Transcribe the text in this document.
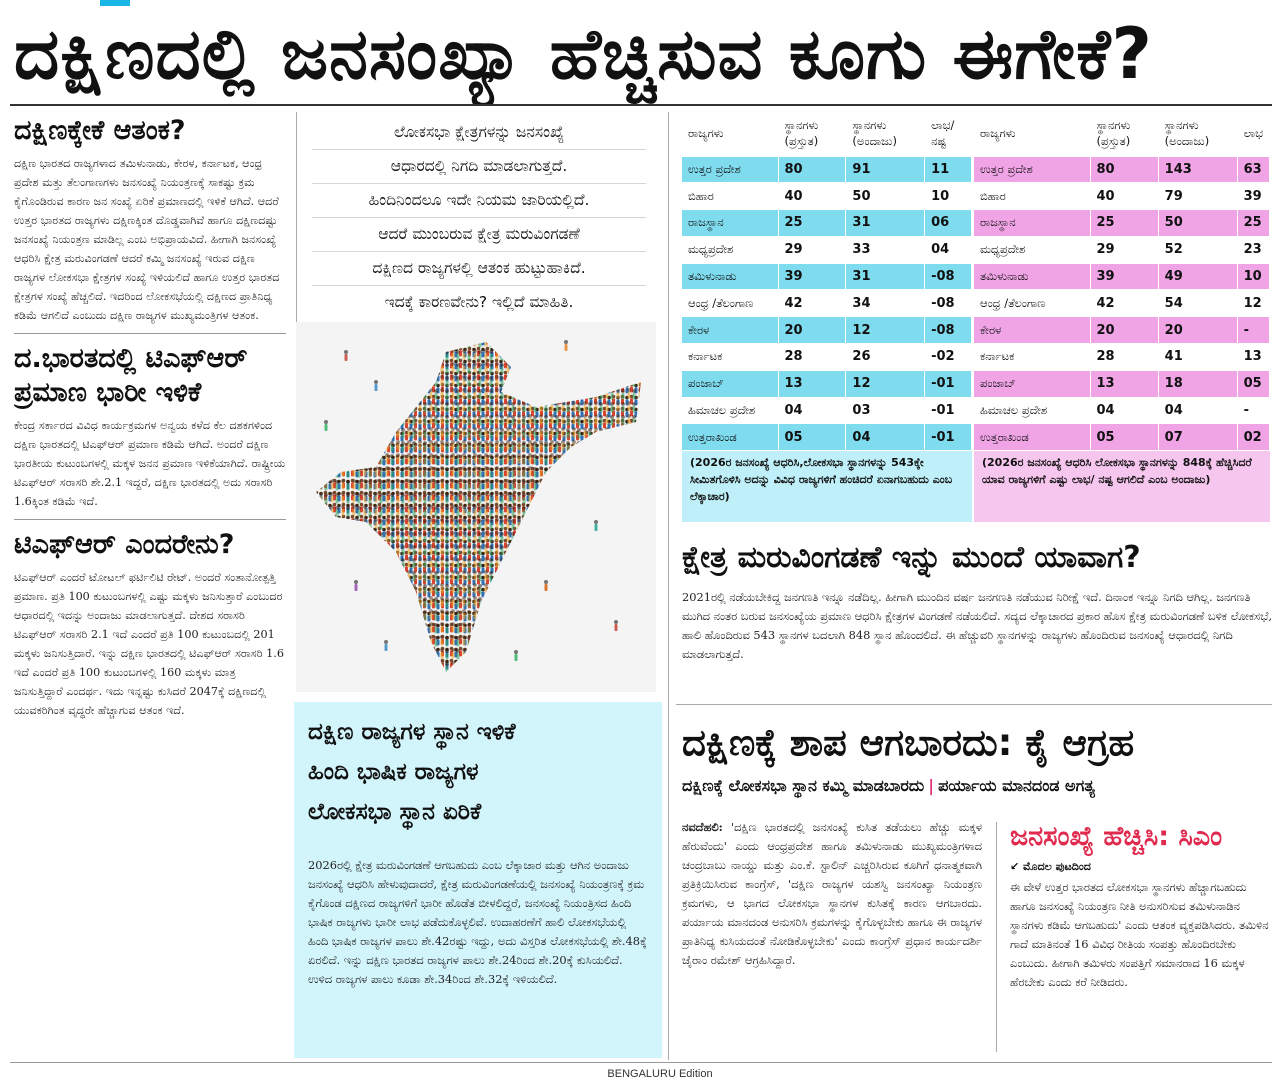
ದಕ್ಷಿಣದಲ್ಲಿ ಜನಸಂಖ್ಯಾ ಹೆಚ್ಚಿಸುವ ಕೂಗು ಈಗೇಕೆ?
ದಕ್ಷಿಣಕ್ಕೇಕೆ ಆತಂಕ?

ದಕ್ಷಿಣ ಭಾರತದ ರಾಜ್ಯಗಳಾದ ತಮಿಳುನಾಡು, ಕೇರಳ, ಕರ್ನಾಟಕ, ಆಂಧ್ರ ಪ್ರದೇಶ ಮತ್ತು ತೆಲಂಗಾಣಗಳು ಜನಸಂಖ್ಯೆ ನಿಯಂತ್ರಣಕ್ಕೆ ಸಾಕಷ್ಟು ಕ್ರಮ ಕೈಗೊಂಡಿರುವ ಕಾರಣ ಜನ ಸಂಖ್ಯೆ ಏರಿಕೆ ಪ್ರಮಾಣದಲ್ಲಿ ಇಳಿಕೆ ಆಗಿದೆ. ಆದರೆ ಉತ್ತರ ಭಾರತದ ರಾಜ್ಯಗಳು ದಕ್ಷಿಣಕ್ಕಿಂತ ದೊಡ್ಡವಾಗಿವೆ ಹಾಗೂ ದಕ್ಷಿಣದಷ್ಟು ಜನಸಂಖ್ಯೆ ನಿಯಂತ್ರಣ ಮಾಡಿಲ್ಲ ಎಂಬ ಅಭಿಪ್ರಾಯವಿದೆ. ಹೀಗಾಗಿ ಜನಸಂಖ್ಯೆ ಆಧರಿಸಿ ಕ್ಷೇತ್ರ ಮರುವಿಂಗಡಣೆ ಆದರೆ ಕಮ್ಮಿ ಜನಸಂಖ್ಯೆ ಇರುವ ದಕ್ಷಿಣ ರಾಜ್ಯಗಳ ಲೋಕಸಭಾ ಕ್ಷೇತ್ರಗಳ ಸಂಖ್ಯೆ ಇಳಿಯಲಿದೆ ಹಾಗೂ ಉತ್ತರ ಭಾರತದ ಕ್ಷೇತ್ರಗಳ ಸಂಖ್ಯೆ ಹೆಚ್ಚಲಿದೆ. ಇದರಿಂದ ಲೋಕಸಭೆಯಲ್ಲಿ ದಕ್ಷಿಣದ ಪ್ರಾತಿನಿಧ್ಯ ಕಡಿಮೆ ಆಗಲಿದೆ ಎಂಬುದು ದಕ್ಷಿಣ ರಾಜ್ಯಗಳ ಮುಖ್ಯಮಂತ್ರಿಗಳ ಆತಂಕ.

ದ.ಭಾರತದಲ್ಲಿ ಟಿಎಫ್‌ಆರ್ ಪ್ರಮಾಣ ಭಾರೀ ಇಳಿಕೆ

ಕೇಂದ್ರ ಸರ್ಕಾರದ ವಿವಿಧ ಕಾರ್ಯಕ್ರಮಗಳ ಅನ್ವಯ ಕಳೆದ ಕೆಲ ದಶಕಗಳಿಂದ ದಕ್ಷಿಣ ಭಾರತದಲ್ಲಿ ಟಿಎಫ್‌ಆರ್ ಪ್ರಮಾಣ ಕಡಿಮೆ ಆಗಿದೆ. ಅಂದರೆ ದಕ್ಷಿಣ ಭಾರತೀಯ ಕುಟುಂಬಗಳಲ್ಲಿ ಮಕ್ಕಳ ಜನನ ಪ್ರಮಾಣ ಇಳಿಕೆಯಾಗಿದೆ. ರಾಷ್ಟ್ರೀಯ ಟಿಎಫ್‌ಆರ್ ಸರಾಸರಿ ಶೇ.2.1 ಇದ್ದರೆ, ದಕ್ಷಿಣ ಭಾರತದಲ್ಲಿ ಅದು ಸರಾಸರಿ 1.6ಕ್ಕಿಂತ ಕಡಿಮೆ ಇದೆ.

ಟಿಎಫ್‌ಆರ್ ಎಂದರೇನು?

ಟಿಎಫ್‌ಆರ್ ಎಂದರೆ ಟೋಟಲ್ ಫರ್ಟಿಲಿಟಿ ರೇಟ್. ಅಂದರೆ ಸಂತಾನೋತ್ಪತ್ತಿ ಪ್ರಮಾಣ. ಪ್ರತಿ 100 ಕುಟುಂಬಗಳಲ್ಲಿ ಎಷ್ಟು ಮಕ್ಕಳು ಜನಿಸುತ್ತಾರೆ ಎಂಬುದರ ಆಧಾರದಲ್ಲಿ ಇದನ್ನು ಅಂದಾಜು ಮಾಡಲಾಗುತ್ತದೆ. ದೇಶದ ಸರಾಸರಿ ಟಿಎಫ್‌ಆರ್ ಸರಾಸರಿ 2.1 ಇದೆ ಎಂದರೆ ಪ್ರತಿ 100 ಕುಟುಂಬದಲ್ಲಿ 201 ಮಕ್ಕಳು ಜನಿಸುತ್ತಿದಾರೆ. ಇನ್ನು ದಕ್ಷಿಣ ಭಾರತದಲ್ಲಿ ಟಿಎಫ್‌ಆರ್ ಸರಾಸರಿ 1.6 ಇದೆ ಎಂದರೆ ಪ್ರತಿ 100 ಕುಟುಂಬಗಳಲ್ಲಿ 160 ಮಕ್ಕಳು ಮಾತ್ರ ಜನಿಸುತ್ತಿದ್ದಾರೆ ಎಂದರ್ಥ. ಇದು ಇನ್ನಷ್ಟು ಕುಸಿದರೆ 2047ಕ್ಕೆ ದಕ್ಷಿಣದಲ್ಲಿ ಯುವಕರಿಗಿಂತ ವೃದ್ಧರೇ ಹೆಚ್ಚಾಗುವ ಆತಂಕ ಇದೆ.

ಲೋಕಸಭಾ ಕ್ಷೇತ್ರಗಳನ್ನು ಜನಸಂಖ್ಯೆ
ಆಧಾರದಲ್ಲಿ ನಿಗದಿ ಮಾಡಲಾಗುತ್ತದೆ.
ಹಿಂದಿನಿಂದಲೂ ಇದೇ ನಿಯಮ ಜಾರಿಯಲ್ಲಿದೆ.
ಆದರೆ ಮುಂಬರುವ ಕ್ಷೇತ್ರ ಮರುವಿಂಗಡಣೆ
ದಕ್ಷಿಣದ ರಾಜ್ಯಗಳಲ್ಲಿ ಆತಂಕ ಹುಟ್ಟುಹಾಕಿದೆ.
ಇದಕ್ಕೆ ಕಾರಣವೇನು? ಇಲ್ಲಿದೆ ಮಾಹಿತಿ.
ದಕ್ಷಿಣ ರಾಜ್ಯಗಳ ಸ್ಥಾನ ಇಳಿಕೆ
ಹಿಂದಿ ಭಾಷಿಕ ರಾಜ್ಯಗಳ
ಲೋಕಸಭಾ ಸ್ಥಾನ ಏರಿಕೆ

2026ರಲ್ಲಿ ಕ್ಷೇತ್ರ ಮರುವಿಂಗಡಣೆ ಆಗಬಹುದು ಎಂಬ ಲೆಕ್ಕಾಚಾರ ಮತ್ತು ಆಗಿನ ಅಂದಾಜು ಜನಸಂಖ್ಯೆ ಆಧರಿಸಿ ಹೇಳುವುದಾದರೆ, ಕ್ಷೇತ್ರ ಮರುವಿಂಗಡಣೆಯಲ್ಲಿ ಜನಸಂಖ್ಯೆ ನಿಯಂತ್ರಣಕ್ಕೆ ಕ್ರಮ ಕೈಗೊಂಡ ದಕ್ಷಿಣದ ರಾಜ್ಯಗಳಿಗೆ ಭಾರೀ ಹೊಡೆತ ಬೀಳಲಿದ್ದರೆ, ಜನಸಂಖ್ಯೆ ನಿಯಂತ್ರಿಸದ ಹಿಂದಿ ಭಾಷಿಕ ರಾಜ್ಯಗಳು ಭಾರೀ ಲಾಭ ಪಡೆದುಕೊಳ್ಳಲಿವೆ. ಉದಾಹರಣೆಗೆ ಹಾಲಿ ಲೋಕಸಭೆಯಲ್ಲಿ ಹಿಂದಿ ಭಾಷಿಕ ರಾಜ್ಯಗಳ ಪಾಲು ಶೇ.42ರಷ್ಟು ಇದ್ದು, ಅದು ವಿಸ್ತರಿತ ಲೋಕಸಭೆಯಲ್ಲಿ ಶೇ.48ಕ್ಕೆ ಏರಲಿದೆ. ಇನ್ನು ದಕ್ಷಿಣ ಭಾರತದ ರಾಜ್ಯಗಳ ಪಾಲು ಶೇ.24ರಿಂದ ಶೇ.20ಕ್ಕೆ ಕುಸಿಯಲಿದೆ. ಉಳಿದ ರಾಜ್ಯಗಳ ಪಾಲು ಕೂಡಾ ಶೇ.34ರಿಂದ ಶೇ.32ಕ್ಕೆ ಇಳಿಯಲಿದೆ.

ರಾಜ್ಯಗಳು	ಸ್ಥಾನಗಳು (ಪ್ರಸ್ತುತ)	ಸ್ಥಾನಗಳು (ಅಂದಾಜು)	ಲಾಭ/ ನಷ್ಟ
ಉತ್ತರ ಪ್ರದೇಶ	80	91	11
ಬಿಹಾರ	40	50	10
ರಾಜಸ್ಥಾನ	25	31	06
ಮಧ್ಯಪ್ರದೇಶ	29	33	04
ತಮಿಳುನಾಡು	39	31	-08
ಆಂಧ್ರ /ತೆಲಂಗಾಣ	42	34	-08
ಕೇರಳ	20	12	-08
ಕರ್ನಾಟಕ	28	26	-02
ಪಂಜಾಬ್	13	12	-01
ಹಿಮಾಚಲ ಪ್ರದೇಶ	04	03	-01
ಉತ್ತರಾಖಂಡ	05	04	-01
(2026ರ ಜನಸಂಖ್ಯೆ ಆಧರಿಸಿ,ಲೋಕಸಭಾ ಸ್ಥಾನಗಳನ್ನು 543ಕ್ಕೇ ಸೀಮಿತಗೊಳಿಸಿ ಅದನ್ನು ವಿವಿಧ ರಾಜ್ಯಗಳಿಗೆ ಹಂಚಿದರೆ ಏನಾಗಬಹುದು ಎಂಬ ಲೆಕ್ಕಾಚಾರ)
ರಾಜ್ಯಗಳು	ಸ್ಥಾನಗಳು (ಪ್ರಸ್ತುತ)	ಸ್ಥಾನಗಳು (ಅಂದಾಜು)	ಲಾಭ
ಉತ್ತರ ಪ್ರದೇಶ	80	143	63
ಬಿಹಾರ	40	79	39
ರಾಜಸ್ಥಾನ	25	50	25
ಮಧ್ಯಪ್ರದೇಶ	29	52	23
ತಮಿಳುನಾಡು	39	49	10
ಆಂಧ್ರ /ತೆಲಂಗಾಣ	42	54	12
ಕೇರಳ	20	20	-
ಕರ್ನಾಟಕ	28	41	13
ಪಂಜಾಬ್	13	18	05
ಹಿಮಾಚಲ ಪ್ರದೇಶ	04	04	-
ಉತ್ತರಾಖಂಡ	05	07	02
(2026ರ ಜನಸಂಖ್ಯೆ ಆಧರಿಸಿ ಲೋಕಸಭಾ ಸ್ಥಾನಗಳನ್ನು 848ಕ್ಕೆ ಹೆಚ್ಚಿಸಿದರೆ ಯಾವ ರಾಜ್ಯಗಳಿಗೆ ಎಷ್ಟು ಲಾಭ/ ನಷ್ಟ ಆಗಲಿದೆ ಎಂಬ ಅಂದಾಜು)
ಕ್ಷೇತ್ರ ಮರುವಿಂಗಡಣೆ ಇನ್ನು ಮುಂದೆ ಯಾವಾಗ?

2021ರಲ್ಲಿ ನಡೆಯಬೇಕಿದ್ದ ಜನಗಣತಿ ಇನ್ನೂ ನಡೆದಿಲ್ಲ. ಹೀಗಾಗಿ ಮುಂದಿನ ವರ್ಷ ಜನಗಣತಿ ನಡೆಯುವ ನಿರೀಕ್ಷೆ ಇದೆ. ದಿನಾಂಕ ಇನ್ನೂ ನಿಗದಿ ಆಗಿಲ್ಲ. ಜನಗಣತಿ ಮುಗಿದ ನಂತರ ಬರುವ ಜನಸಂಖ್ಯೆಯ ಪ್ರಮಾಣ ಆಧರಿಸಿ ಕ್ಷೇತ್ರಗಳ ವಿಂಗಡಣೆ ನಡೆಯಲಿದೆ. ಸದ್ಯದ ಲೆಕ್ಕಾಚಾರದ ಪ್ರಕಾರ ಹೊಸ ಕ್ಷೇತ್ರ ಮರುವಿಂಗಡಣೆ ಬಳಿಕ ಲೋಕಸಭೆ, ಹಾಲಿ ಹೊಂದಿರುವ 543 ಸ್ಥಾನಗಳ ಬದಲಾಗಿ 848 ಸ್ಥಾನ ಹೊಂದಲಿದೆ. ಈ ಹೆಚ್ಚುವರಿ ಸ್ಥಾನಗಳನ್ನು ರಾಜ್ಯಗಳು ಹೊಂದಿರುವ ಜನಸಂಖ್ಯೆ ಆಧಾರದಲ್ಲಿ ನಿಗದಿ ಮಾಡಲಾಗುತ್ತದೆ.

ದಕ್ಷಿಣಕ್ಕೆ ಶಾಪ ಆಗಬಾರದು: ಕೈ ಆಗ್ರಹ
ದಕ್ಷಿಣಕ್ಕೆ ಲೋಕಸಭಾ ಸ್ಥಾನ ಕಮ್ಮಿ ಮಾಡಬಾರದು | ಪರ್ಯಾಯ ಮಾನದಂಡ ಅಗತ್ಯ
ನವದೆಹಲಿ: 'ದಕ್ಷಿಣ ಭಾರತದಲ್ಲಿ ಜನಸಂಖ್ಯೆ ಕುಸಿತ ತಡೆಯಲು ಹೆಚ್ಚು ಮಕ್ಕಳ ಹೆರುವೆಂದು' ಎಂದು ಆಂಧ್ರಪ್ರದೇಶ ಹಾಗೂ ತಮಿಳುನಾಡು ಮುಖ್ಯಮಂತ್ರಿಗಳಾದ ಚಂದ್ರಬಾಬು ನಾಯ್ಡು ಮತ್ತು ಎಂ.ಕೆ. ಸ್ಟಾಲಿನ್ ಎಚ್ಚರಿಸಿರುವ ಕೂಗಿಗೆ ಧನಾತ್ಮಕವಾಗಿ ಪ್ರತಿಕ್ರಿಯಿಸಿರುವ ಕಾಂಗ್ರೆಸ್, 'ದಕ್ಷಿಣ ರಾಜ್ಯಗಳ ಯಶಸ್ವಿ ಜನಸಂಖ್ಯಾ ನಿಯಂತ್ರಣ ಕ್ರಮಗಳು, ಆ ಭಾಗದ ಲೋಕಸಭಾ ಸ್ಥಾನಗಳ ಕುಸಿತಕ್ಕೆ ಕಾರಣ ಆಗಬಾರದು. ಪರ್ಯಾಯ ಮಾನದಂಡ ಅನುಸರಿಸಿ ಕ್ರಮಗಳನ್ನು ಕೈಗೊಳ್ಳಬೇಕು ಹಾಗೂ ಈ ರಾಜ್ಯಗಳ ಪ್ರಾತಿನಿಧ್ಯ ಕುಸಿಯದಂತೆ ನೋಡಿಕೊಳ್ಳಬೇಕು' ಎಂದು ಕಾಂಗ್ರೆಸ್ ಪ್ರಧಾನ ಕಾರ್ಯದರ್ಶಿ ಜೈರಾಂ ರಮೇಶ್ ಆಗ್ರಹಿಸಿದ್ದಾರೆ.
ಜನಸಂಖ್ಯೆ ಹೆಚ್ಚಿಸಿ: ಸಿಎಂ
↙ ಮೊದಲ ಪುಟದಿಂದ

ಈ ವೇಳೆ ಉತ್ತರ ಭಾರತದ ಲೋಕಸಭಾ ಸ್ಥಾನಗಳು ಹೆಚ್ಚಾಗಬಹುದು ಹಾಗೂ ಜನಸಂಖ್ಯೆ ನಿಯಂತ್ರಣ ನೀತಿ ಅನುಸರಿಸುವ ತಮಿಳುನಾಡಿನ ಸ್ಥಾನಗಳು ಕಡಿಮೆ ಆಗಬಹುದು' ಎಂದು ಆತಂಕ ವ್ಯಕ್ತಪಡಿಸಿದರು. ತಮಿಳಿನ ಗಾದೆ ಮಾತಿನಂತೆ 16 ವಿವಿಧ ರೀತಿಯ ಸಂಪತ್ತು ಹೊಂದಿರಬೇಕು ಎಂಬುದು. ಹೀಗಾಗಿ ತಮಿಳರು ಸಂಪತ್ತಿಗೆ ಸಮಾನರಾದ 16 ಮಕ್ಕಳ ಹೆರಬೇಕು ಎಂದು ಕರೆ ನೀಡಿದರು.

BENGALURU Edition
